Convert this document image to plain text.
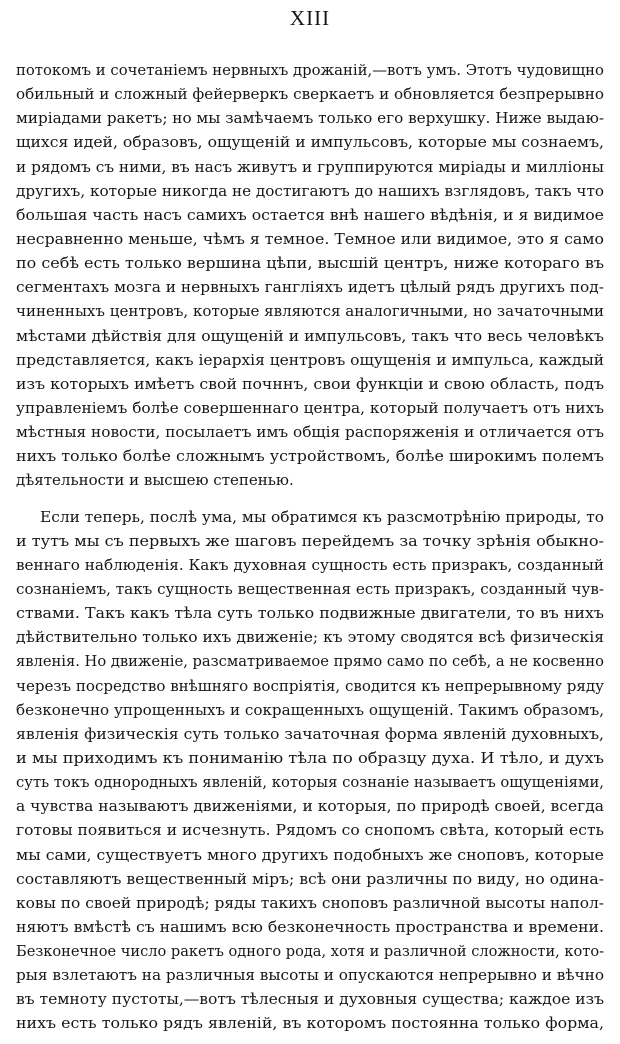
XIII
потокомъ и сочетаніемъ нервныхъ дрожаній,—вотъ умъ. Этотъ чудовищно
обильный и сложный фейерверкъ сверкаетъ и обновляется безпрерывно
миріадами ракетъ; но мы замѣчаемъ только его верхушку. Ниже выдаю-
щихся идей, образовъ, ощущеній и импульсовъ, которые мы сознаемъ,
и рядомъ съ ними, въ насъ живутъ и группируются миріады и милліоны
другихъ, которые никогда не достигаютъ до нашихъ взглядовъ, такъ что
большая часть насъ самихъ остается внѣ нашего вѣдѣнія, и я видимое
несравненно меньше, чѣмъ я темное. Темное или видимое, это я само
по себѣ есть только вершина цѣпи, высшій центръ, ниже котораго въ
сегментахъ мозга и нервныхъ гангліяхъ идетъ цѣлый рядъ другихъ под-
чиненныхъ центровъ, которые являются аналогичными, но зачаточными
мѣстами дѣйствія для ощущеній и импульсовъ, такъ что весь человѣкъ
представляется, какъ іерархія центровъ ощущенія и импульса, каждый
изъ которыхъ имѣетъ свой почннъ, свои функціи и свою область, подъ
управленіемъ болѣе совершеннаго центра, который получаетъ отъ нихъ
мѣстныя новости, посылаетъ имъ общія распоряженія и отличается отъ
нихъ только болѣе сложнымъ устройствомъ, болѣе широкимъ полемъ
дѣятельности и высшею степенью.
Если теперь, послѣ ума, мы обратимся къ разсмотрѣнію природы, то
и тутъ мы съ первыхъ же шаговъ перейдемъ за точку зрѣнія обыкно-
веннаго наблюденія. Какъ духовная сущность есть призракъ, созданный
сознаніемъ, такъ сущность вещественная есть призракъ, созданный чув-
ствами. Такъ какъ тѣла суть только подвижные двигатели, то въ нихъ
дѣйствительно только ихъ движеніе; къ этому сводятся всѣ физическія
явленія. Но движеніе, разсматриваемое прямо само по себѣ, а не косвенно
черезъ посредство внѣшняго воспріятія, сводится къ непрерывному ряду
безконечно упрощенныхъ и сокращенныхъ ощущеній. Такимъ образомъ,
явленія физическія суть только зачаточная форма явленій духовныхъ,
и мы приходимъ къ пониманію тѣла по образцу духа. И тѣло, и духъ
суть токъ однородныхъ явленій, которыя сознаніе называетъ ощущеніями,
а чувства называютъ движеніями, и которыя, по природѣ своей, всегда
готовы появиться и исчезнуть. Рядомъ со снопомъ свѣта, который есть
мы сами, существуетъ много другихъ подобныхъ же сноповъ, которые
составляютъ вещественный міръ; всѣ они различны по виду, но одина-
ковы по своей природѣ; ряды такихъ сноповъ различной высоты напол-
няютъ вмѣстѣ съ нашимъ всю безконечность пространства и времени.
Безконечное число ракетъ одного рода, хотя и различной сложности, кото-
рыя взлетаютъ на различныя высоты и опускаются непрерывно и вѣчно
въ темноту пустоты,—вотъ тѣлесныя и духовныя существа; каждое изъ
нихъ есть только рядъ явленій, въ которомъ постоянна только форма,
